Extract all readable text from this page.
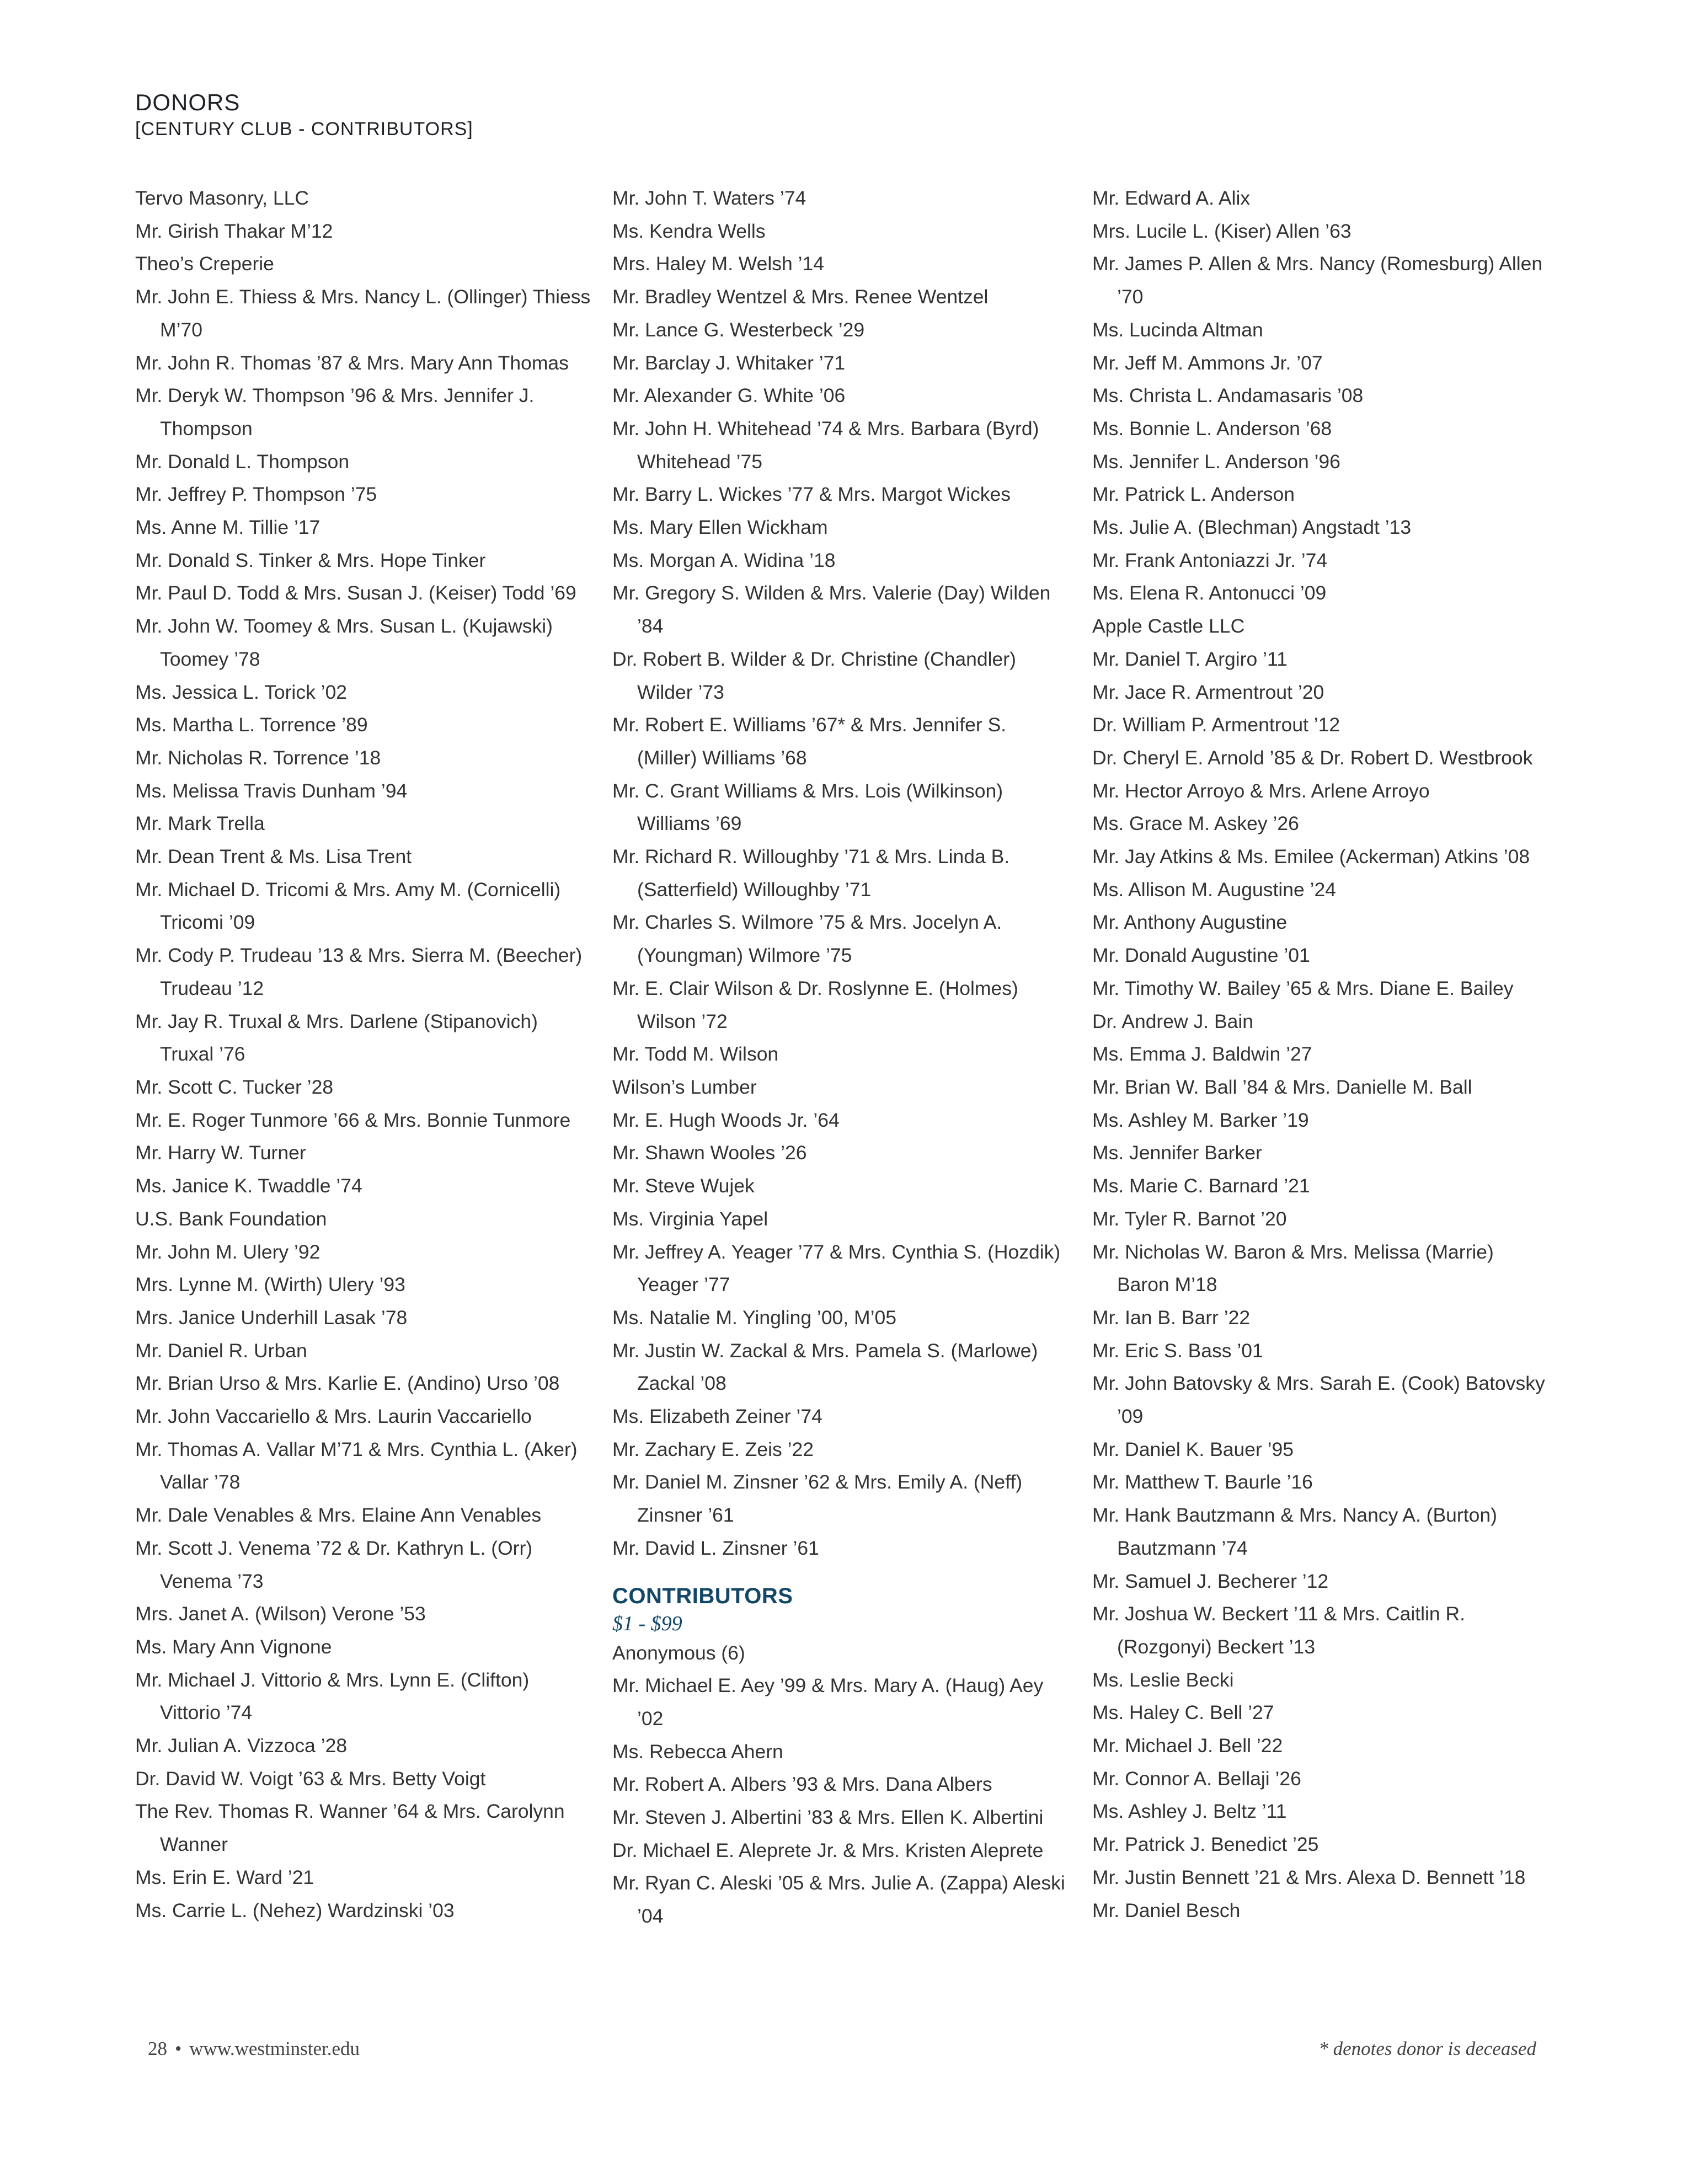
DONORS
[CENTURY CLUB - CONTRIBUTORS]
Tervo Masonry, LLC
Mr. Girish Thakar M’12
Theo’s Creperie
Mr. John E. Thiess & Mrs. Nancy L. (Ollinger) Thiess M’70
Mr. John R. Thomas ’87 & Mrs. Mary Ann Thomas
Mr. Deryk W. Thompson ’96 & Mrs. Jennifer J. Thompson
Mr. Donald L. Thompson
Mr. Jeffrey P. Thompson ’75
Ms. Anne M. Tillie ’17
Mr. Donald S. Tinker & Mrs. Hope Tinker
Mr. Paul D. Todd & Mrs. Susan J. (Keiser) Todd ’69
Mr. John W. Toomey & Mrs. Susan L. (Kujawski) Toomey ’78
Ms. Jessica L. Torick ’02
Ms. Martha L. Torrence ’89
Mr. Nicholas R. Torrence ’18
Ms. Melissa Travis Dunham ’94
Mr. Mark Trella
Mr. Dean Trent & Ms. Lisa Trent
Mr. Michael D. Tricomi & Mrs. Amy M. (Cornicelli) Tricomi ’09
Mr. Cody P. Trudeau ’13 & Mrs. Sierra M. (Beecher) Trudeau ’12
Mr. Jay R. Truxal & Mrs. Darlene (Stipanovich) Truxal ’76
Mr. Scott C. Tucker ’28
Mr. E. Roger Tunmore ’66 & Mrs. Bonnie Tunmore
Mr. Harry W. Turner
Ms. Janice K. Twaddle ’74
U.S. Bank Foundation
Mr. John M. Ulery ’92
Mrs. Lynne M. (Wirth) Ulery ’93
Mrs. Janice Underhill Lasak ’78
Mr. Daniel R. Urban
Mr. Brian Urso & Mrs. Karlie E. (Andino) Urso ’08
Mr. John Vaccariello & Mrs. Laurin Vaccariello
Mr. Thomas A. Vallar M’71 & Mrs. Cynthia L. (Aker) Vallar ’78
Mr. Dale Venables & Mrs. Elaine Ann Venables
Mr. Scott J. Venema ’72 & Dr. Kathryn L. (Orr) Venema ’73
Mrs. Janet A. (Wilson) Verone ’53
Ms. Mary Ann Vignone
Mr. Michael J. Vittorio & Mrs. Lynn E. (Clifton) Vittorio ’74
Mr. Julian A. Vizzoca ’28
Dr. David W. Voigt ’63 & Mrs. Betty Voigt
The Rev. Thomas R. Wanner ’64 & Mrs. Carolynn Wanner
Ms. Erin E. Ward ’21
Ms. Carrie L. (Nehez) Wardzinski ’03
Mr. John T. Waters ’74
Ms. Kendra Wells
Mrs. Haley M. Welsh ’14
Mr. Bradley Wentzel & Mrs. Renee Wentzel
Mr. Lance G. Westerbeck ’29
Mr. Barclay J. Whitaker ’71
Mr. Alexander G. White ’06
Mr. John H. Whitehead ’74 & Mrs. Barbara (Byrd) Whitehead ’75
Mr. Barry L. Wickes ’77 & Mrs. Margot Wickes
Ms. Mary Ellen Wickham
Ms. Morgan A. Widina ’18
Mr. Gregory S. Wilden & Mrs. Valerie (Day) Wilden ’84
Dr. Robert B. Wilder & Dr. Christine (Chandler) Wilder ’73
Mr. Robert E. Williams ’67* & Mrs. Jennifer S. (Miller) Williams ’68
Mr. C. Grant Williams & Mrs. Lois (Wilkinson) Williams ’69
Mr. Richard R. Willoughby ’71 & Mrs. Linda B. (Satterfield) Willoughby ’71
Mr. Charles S. Wilmore ’75 & Mrs. Jocelyn A. (Youngman) Wilmore ’75
Mr. E. Clair Wilson & Dr. Roslynne E. (Holmes) Wilson ’72
Mr. Todd M. Wilson
Wilson’s Lumber
Mr. E. Hugh Woods Jr. ’64
Mr. Shawn Wooles ’26
Mr. Steve Wujek
Ms. Virginia Yapel
Mr. Jeffrey A. Yeager ’77 & Mrs. Cynthia S. (Hozdik) Yeager ’77
Ms. Natalie M. Yingling ’00, M’05
Mr. Justin W. Zackal & Mrs. Pamela S. (Marlowe) Zackal ’08
Ms. Elizabeth Zeiner ’74
Mr. Zachary E. Zeis ’22
Mr. Daniel M. Zinsner ’62 & Mrs. Emily A. (Neff) Zinsner ’61
Mr. David L. Zinsner ’61
CONTRIBUTORS
$1 - $99
Anonymous (6)
Mr. Michael E. Aey ’99 & Mrs. Mary A. (Haug) Aey ’02
Ms. Rebecca Ahern
Mr. Robert A. Albers ’93 & Mrs. Dana Albers
Mr. Steven J. Albertini ’83 & Mrs. Ellen K. Albertini
Dr. Michael E. Aleprete Jr. & Mrs. Kristen Aleprete
Mr. Ryan C. Aleski ’05 & Mrs. Julie A. (Zappa) Aleski ’04
Mr. Edward A. Alix
Mrs. Lucile L. (Kiser) Allen ’63
Mr. James P. Allen & Mrs. Nancy (Romesburg) Allen ’70
Ms. Lucinda Altman
Mr. Jeff M. Ammons Jr. ’07
Ms. Christa L. Andamasaris ’08
Ms. Bonnie L. Anderson ’68
Ms. Jennifer L. Anderson ’96
Mr. Patrick L. Anderson
Ms. Julie A. (Blechman) Angstadt ’13
Mr. Frank Antoniazzi Jr. ’74
Ms. Elena R. Antonucci ’09
Apple Castle LLC
Mr. Daniel T. Argiro ’11
Mr. Jace R. Armentrout ’20
Dr. William P. Armentrout ’12
Dr. Cheryl E. Arnold ’85 & Dr. Robert D. Westbrook
Mr. Hector Arroyo & Mrs. Arlene Arroyo
Ms. Grace M. Askey ’26
Mr. Jay Atkins & Ms. Emilee (Ackerman) Atkins ’08
Ms. Allison M. Augustine ’24
Mr. Anthony Augustine
Mr. Donald Augustine ’01
Mr. Timothy W. Bailey ’65 & Mrs. Diane E. Bailey
Dr. Andrew J. Bain
Ms. Emma J. Baldwin ’27
Mr. Brian W. Ball ’84 & Mrs. Danielle M. Ball
Ms. Ashley M. Barker ’19
Ms. Jennifer Barker
Ms. Marie C. Barnard ’21
Mr. Tyler R. Barnot ’20
Mr. Nicholas W. Baron & Mrs. Melissa (Marrie) Baron M’18
Mr. Ian B. Barr ’22
Mr. Eric S. Bass ’01
Mr. John Batovsky & Mrs. Sarah E. (Cook) Batovsky ’09
Mr. Daniel K. Bauer ’95
Mr. Matthew T. Baurle ’16
Mr. Hank Bautzmann & Mrs. Nancy A. (Burton) Bautzmann ’74
Mr. Samuel J. Becherer ’12
Mr. Joshua W. Beckert ’11 & Mrs. Caitlin R. (Rozgonyi) Beckert ’13
Ms. Leslie Becki
Ms. Haley C. Bell ’27
Mr. Michael J. Bell ’22
Mr. Connor A. Bellaji ’26
Ms. Ashley J. Beltz ’11
Mr. Patrick J. Benedict ’25
Mr. Justin Bennett ’21 & Mrs. Alexa D. Bennett ’18
Mr. Daniel Besch
28 • www.westminster.edu	* denotes donor is deceased
